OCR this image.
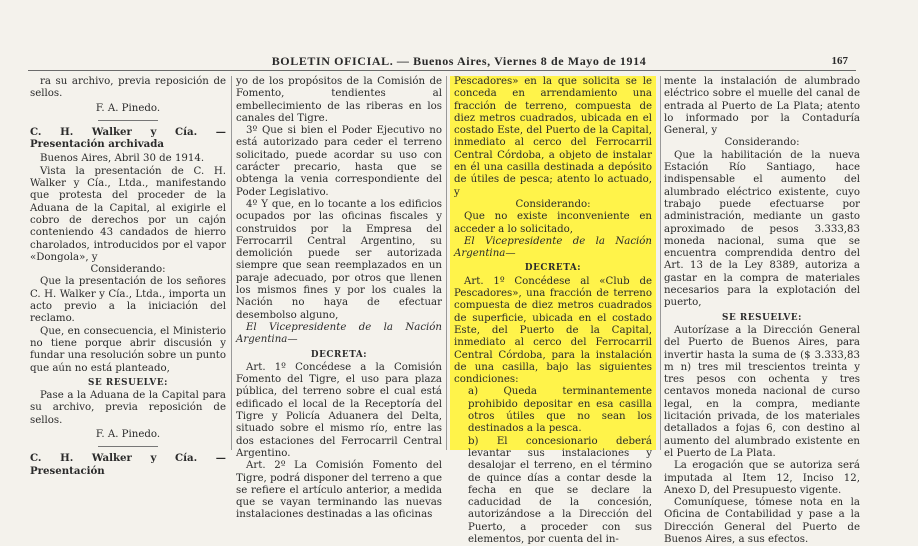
BOLETIN OFICIAL. — Buenos Aires, Viernes 8 de Mayo de 1914	167

ra su archivo, previa reposición de sellos.

F. A. Pinedo.

C. H. Walker y Cía. — Presentación archivada

Buenos Aires, Abril 30 de 1914.

Vista la presentación de C. H. Walker y Cía., Ltda., manifestando que protesta del proceder de la Aduana de la Capital, al exigirle el cobro de derechos por un cajón conteniendo 43 candados de hierro charolados, introducidos por el vapor «Dongola», y

Considerando:

Que la presentación de los señores C. H. Walker y Cía., Ltda., importa un acto previo a la iniciación del reclamo.

Que, en consecuencia, el Ministerio no tiene porque abrir discusión y fundar una resolución sobre un punto que aún no está planteado,

SE RESUELVE:

Pase a la Aduana de la Capital para su archivo, previa reposición de sellos.

F. A. Pinedo.

C. H. Walker y Cía. — Presentación

yo de los propósitos de la Comisión de Fomento, tendientes al embellecimiento de las riberas en los canales del Tigre.

3º Que si bien el Poder Ejecutivo no está autorizado para ceder el terreno solicitado, puede acordar su uso con carácter precario, hasta que se obtenga la venia correspondiente del Poder Legislativo.

4º Y que, en lo tocante a los edificios ocupados por las oficinas fiscales y construidos por la Empresa del Ferrocarril Central Argentino, su demolición puede ser autorizada siempre que sean reemplazados en un paraje adecuado, por otros que llenen los mismos fines y por los cuales la Nación no haya de efectuar desembolso alguno,

El Vicepresidente de la Nación Argentina—

DECRETA:

Art. 1º Concédese a la Comisión Fomento del Tigre, el uso para plaza pública, del terreno sobre el cual está edificado el local de la Receptoría del Tigre y Policía Aduanera del Delta, situado sobre el mismo río, entre las dos estaciones del Ferrocarril Central Argentino.

Art. 2º La Comisión Fomento del Tigre, podrá disponer del terreno a que se refiere el artículo anterior, a medida que se vayan terminando las nuevas instalaciones destinadas a las oficinas

Pescadores» en la que solicita se le conceda en arrendamiento una fracción de terreno, compuesta de diez metros cuadrados, ubicada en el costado Este, del Puerto de la Capital, inmediato al cerco del Ferrocarril Central Córdoba, a objeto de instalar en él una casilla destinada a depósito de útiles de pesca; atento lo actuado, y

Considerando:

Que no existe inconveniente en acceder a lo solicitado,

El Vicepresidente de la Nación Argentina—

DECRETA:

Art. 1º Concédese al «Club de Pescadores», una fracción de terreno compuesta de diez metros cuadrados de superficie, ubicada en el costado Este, del Puerto de la Capital, inmediato al cerco del Ferrocarril Central Córdoba, para la instalación de una casilla, bajo las siguientes condiciones:

a) Queda terminantemente prohibido depositar en esa casilla otros útiles que no sean los destinados a la pesca.

b) El concesionario deberá levantar sus instalaciones y desalojar el terreno, en el término de quince días a contar desde la fecha en que se declare la caducidad de la concesión, autorizándose a la Dirección del Puerto, a proceder con sus elementos, por cuenta del in-

mente la instalación de alumbrado eléctrico sobre el muelle del canal de entrada al Puerto de La Plata; atento lo informado por la Contaduría General, y

Considerando:

Que la habilitación de la nueva Estación Río Santiago, hace indispensable el aumento del alumbrado eléctrico existente, cuyo trabajo puede efectuarse por administración, mediante un gasto aproximado de pesos 3.333,83 moneda nacional, suma que se encuentra comprendida dentro del Art. 13 de la Ley 8389, autoriza a gastar en la compra de materiales necesarios para la explotación del puerto,

SE RESUELVE:

Autorízase a la Dirección General del Puerto de Buenos Aires, para invertir hasta la suma de ($ 3.333,83 m n) tres mil trescientos treinta y tres pesos con ochenta y tres centavos moneda nacional de curso legal, en la compra, mediante licitación privada, de los materiales detallados a fojas 6, con destino al aumento del alumbrado existente en el Puerto de La Plata.

La erogación que se autoriza será imputada al Item 12, Inciso 12, Anexo D, del Presupuesto vigente.

Comuníquese, tómese nota en la Oficina de Contabilidad y pase a la Dirección General del Puerto de Buenos Aires, a sus efectos.
